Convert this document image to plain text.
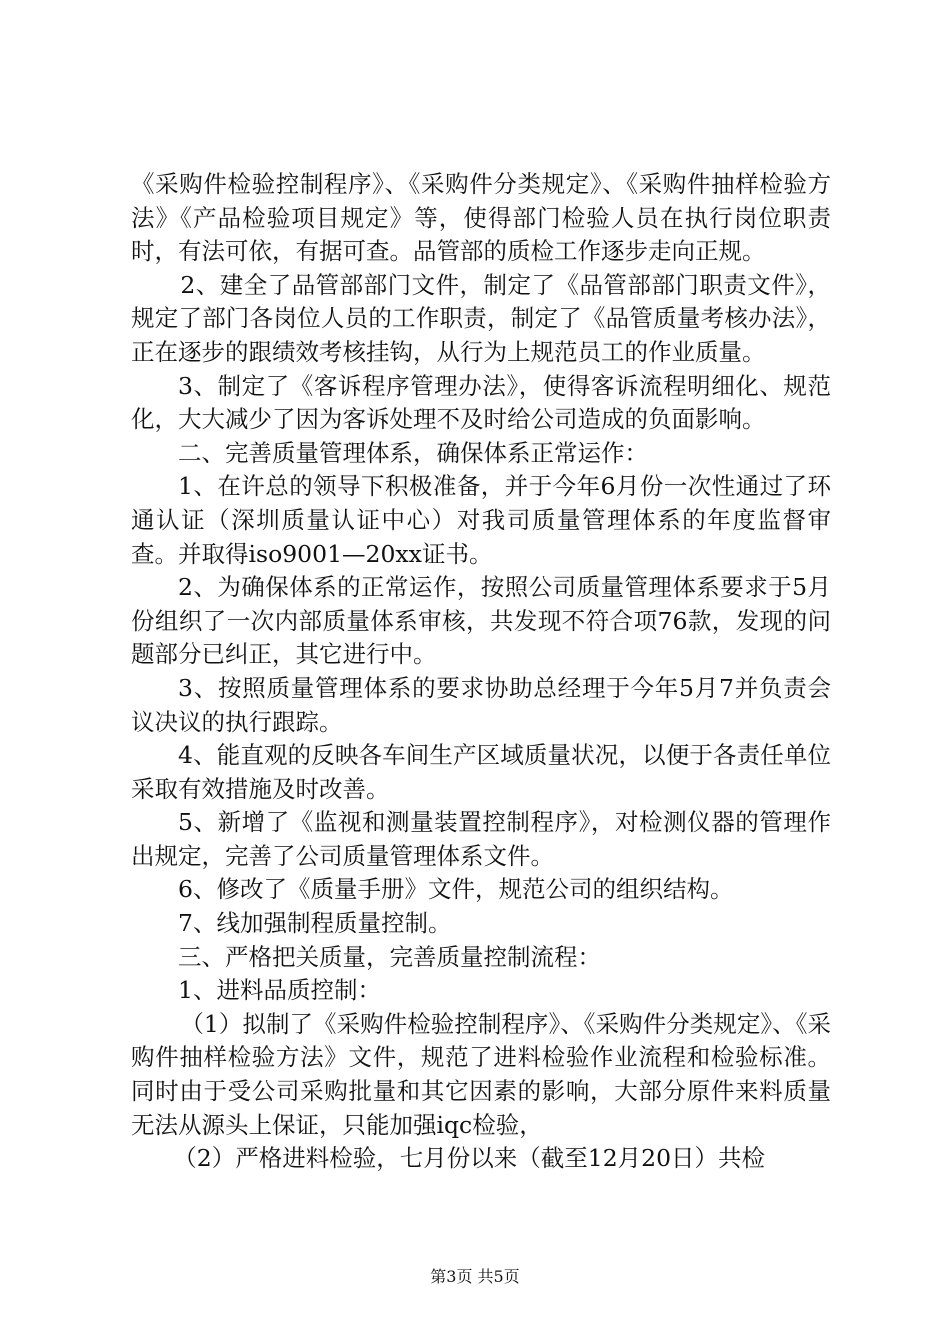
《采购件检验控制程序》、《采购件分类规定》、《采购件抽样检验方法》《产品检验项目规定》等，使得部门检验人员在执行岗位职责时，有法可依，有据可查。品管部的质检工作逐步走向正规。

2、建全了品管部部门文件，制定了《品管部部门职责文件》，规定了部门各岗位人员的工作职责，制定了《品管质量考核办法》，正在逐步的跟绩效考核挂钩，从行为上规范员工的作业质量。

3、制定了《客诉程序管理办法》，使得客诉流程明细化、规范化，大大减少了因为客诉处理不及时给公司造成的负面影响。

二、完善质量管理体系，确保体系正常运作：

1、在许总的领导下积极准备，并于今年6月份一次性通过了环通认证（深圳质量认证中心）对我司质量管理体系的年度监督审查。并取得iso9001—20xx证书。

2、为确保体系的正常运作，按照公司质量管理体系要求于5月份组织了一次内部质量体系审核，共发现不符合项76款，发现的问题部分已纠正，其它进行中。

3、按照质量管理体系的要求协助总经理于今年5月7并负责会议决议的执行跟踪。

4、能直观的反映各车间生产区域质量状况，以便于各责任单位采取有效措施及时改善。

5、新增了《监视和测量装置控制程序》，对检测仪器的管理作出规定，完善了公司质量管理体系文件。

6、修改了《质量手册》文件，规范公司的组织结构。

7、线加强制程质量控制。

三、严格把关质量，完善质量控制流程：

1、进料品质控制：

（1）拟制了《采购件检验控制程序》、《采购件分类规定》、《采购件抽样检验方法》文件，规范了进料检验作业流程和检验标准。同时由于受公司采购批量和其它因素的影响，大部分原件来料质量无法从源头上保证，只能加强iqc检验，

（2）严格进料检验，七月份以来（截至12月20日）共检

第3页 共5页
